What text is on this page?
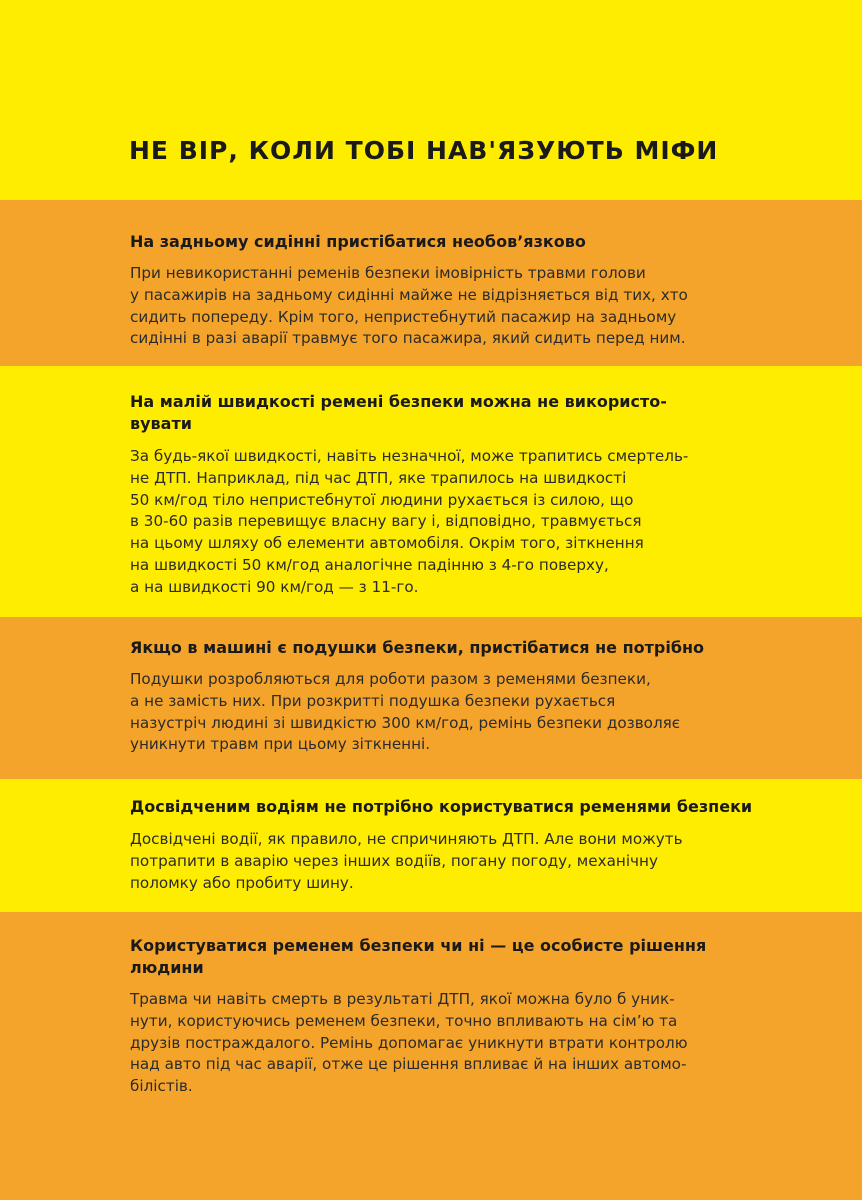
НЕ ВІР, КОЛИ ТОБІ НАВ'ЯЗУЮТЬ МІФИ
На задньому сидінні пристібатися необов’язково

При невикористанні ременів безпеки імовірність травми голови
у пасажирів на задньому сидінні майже не відрізняється від тих, хто
сидить попереду. Крім того, непристебнутий пасажир на задньому
сидінні в разі аварії травмує того пасажира, який сидить перед ним.

На малій швидкості ремені безпеки можна не використо-
вувати

За будь-якої швидкості, навіть незначної, може трапитись смертель-
не ДТП. Наприклад, під час ДТП, яке трапилось на швидкості
50 км/год тіло непристебнутої людини рухається із силою, що
в 30-60 разів перевищує власну вагу і, відповідно, травмується
на цьому шляху об елементи автомобіля. Окрім того, зіткнення
на швидкості 50 км/год аналогічне падінню з 4-го поверху,
а на швидкості 90 км/год — з 11-го.

Якщо в машині є подушки безпеки, пристібатися не потрібно

Подушки розробляються для роботи разом з ременями безпеки,
а не замість них. При розкритті подушка безпеки рухається
назустріч людині зі швидкістю 300 км/год, ремінь безпеки дозволяє
уникнути травм при цьому зіткненні.

Досвідченим водіям не потрібно користуватися ременями безпеки

Досвідчені водії, як правило, не спричиняють ДТП. Але вони можуть
потрапити в аварію через інших водіїв, погану погоду, механічну
поломку або пробиту шину.

Користуватися ременем безпеки чи ні — це особисте рішення
людини

Травма чи навіть смерть в результаті ДТП, якої можна було б уник-
нути, користуючись ременем безпеки, точно впливають на сім’ю та
друзів постраждалого. Ремінь допомагає уникнути втрати контролю
над авто під час аварії, отже це рішення впливає й на інших автомо-
білістів.
